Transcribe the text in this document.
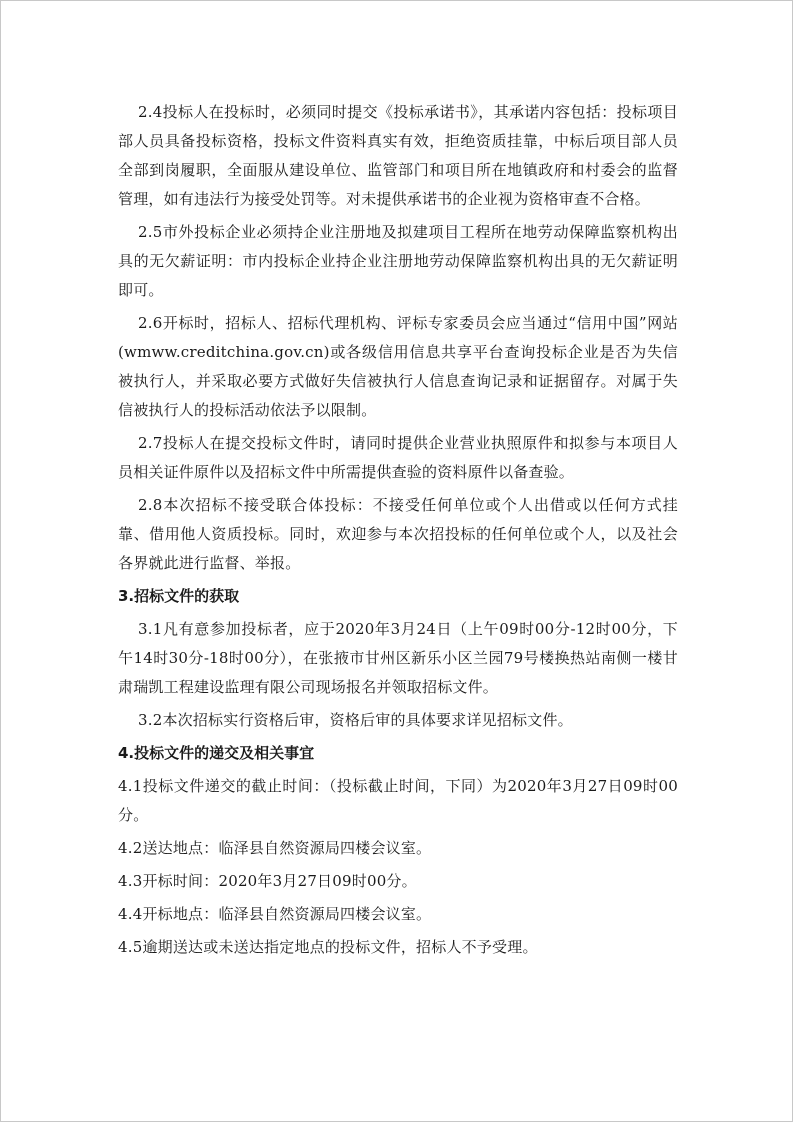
2.4投标人在投标时，必须同时提交《投标承诺书》，其承诺内容包括：投标项目部人员具备投标资格，投标文件资料真实有效，拒绝资质挂靠，中标后项目部人员全部到岗履职，全面服从建设单位、监管部门和项目所在地镇政府和村委会的监督管理，如有违法行为接受处罚等。对未提供承诺书的企业视为资格审查不合格。

2.5市外投标企业必须持企业注册地及拟建项目工程所在地劳动保障监察机构出具的无欠薪证明：市内投标企业持企业注册地劳动保障监察机构出具的无欠薪证明即可。

2.6开标时，招标人、招标代理机构、评标专家委员会应当通过“信用中国”网站(wmww.creditchina.gov.cn)或各级信用信息共享平台查询投标企业是否为失信被执行人，并采取必要方式做好失信被执行人信息查询记录和证据留存。对属于失信被执行人的投标活动依法予以限制。

2.7投标人在提交投标文件时，请同时提供企业营业执照原件和拟参与本项目人员相关证件原件以及招标文件中所需提供查验的资料原件以备查验。

2.8本次招标不接受联合体投标：不接受任何单位或个人出借或以任何方式挂靠、借用他人资质投标。同时，欢迎参与本次招投标的任何单位或个人，以及社会各界就此进行监督、举报。

3.招标文件的获取

3.1凡有意参加投标者，应于2020年3月24日（上午09时00分-12时00分，下午14时30分-18时00分），在张掖市甘州区新乐小区兰园79号楼换热站南侧一楼甘肃瑞凯工程建设监理有限公司现场报名并领取招标文件。

3.2本次招标实行资格后审，资格后审的具体要求详见招标文件。

4.投标文件的递交及相关事宜

4.1投标文件递交的截止时间：（投标截止时间，下同）为2020年3月27日09时00分。

4.2送达地点：临泽县自然资源局四楼会议室。

4.3开标时间：2020年3月27日09时00分。

4.4开标地点：临泽县自然资源局四楼会议室。

4.5逾期送达或未送达指定地点的投标文件，招标人不予受理。
